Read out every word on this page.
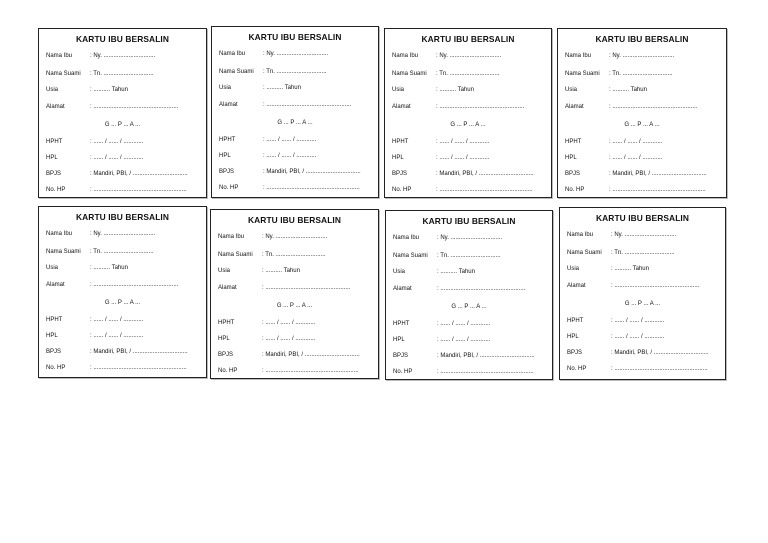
KARTU IBU BERSALIN
Nama Ibu	: Ny. ...............................
Nama Suami : Tn. ..............................
Usia	: .......... Tahun
Alamat	: ...................................................
G ... P ... A ...
HPHT	: ...... / ...... / ............
HPL	: ...... / ...... / ............
BPJS	: Mandiri, PBI, / .................................
No. HP	: ........................................................
KARTU IBU BERSALIN
Nama Ibu	: Ny. ...............................
Nama Suami : Tn. ..............................
Usia	: .......... Tahun
Alamat	: ...................................................
G ... P ... A ...
HPHT	: ...... / ...... / ............
HPL	: ...... / ...... / ............
BPJS	: Mandiri, PBI, / .................................
No. HP	: ........................................................
KARTU IBU BERSALIN
Nama Ibu	: Ny. ...............................
Nama Suami : Tn. ..............................
Usia	: .......... Tahun
Alamat	: ...................................................
G ... P ... A ...
HPHT	: ...... / ...... / ............
HPL	: ...... / ...... / ............
BPJS	: Mandiri, PBI, / .................................
No. HP	: ........................................................
KARTU IBU BERSALIN
Nama Ibu	: Ny. ...............................
Nama Suami : Tn. ..............................
Usia	: .......... Tahun
Alamat	: ...................................................
G ... P ... A ...
HPHT	: ...... / ...... / ............
HPL	: ...... / ...... / ............
BPJS	: Mandiri, PBI, / .................................
No. HP	: ........................................................
KARTU IBU BERSALIN
Nama Ibu	: Ny. ...............................
Nama Suami : Tn. ..............................
Usia	: .......... Tahun
Alamat	: ...................................................
G ... P ... A ...
HPHT	: ...... / ...... / ............
HPL	: ...... / ...... / ............
BPJS	: Mandiri, PBI, / .................................
No. HP	: ........................................................
KARTU IBU BERSALIN
Nama Ibu	: Ny. ...............................
Nama Suami : Tn. ..............................
Usia	: .......... Tahun
Alamat	: ...................................................
G ... P ... A ...
HPHT	: ...... / ...... / ............
HPL	: ...... / ...... / ............
BPJS	: Mandiri, PBI, / .................................
No. HP	: ........................................................
KARTU IBU BERSALIN
Nama Ibu	: Ny. ...............................
Nama Suami : Tn. ..............................
Usia	: .......... Tahun
Alamat	: ...................................................
G ... P ... A ...
HPHT	: ...... / ...... / ............
HPL	: ...... / ...... / ............
BPJS	: Mandiri, PBI, / .................................
No. HP	: ........................................................
KARTU IBU BERSALIN
Nama Ibu	: Ny. ...............................
Nama Suami : Tn. ..............................
Usia	: .......... Tahun
Alamat	: ...................................................
G ... P ... A ...
HPHT	: ...... / ...... / ............
HPL	: ...... / ...... / ............
BPJS	: Mandiri, PBI, / .................................
No. HP	: ........................................................
